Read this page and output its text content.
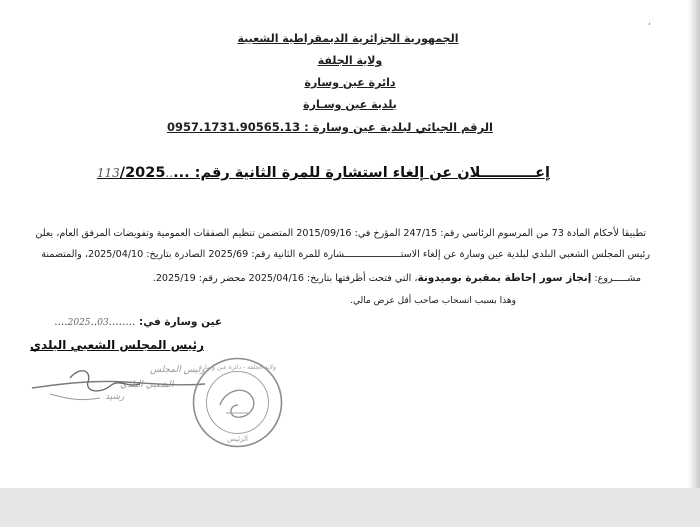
ʻ
الجمهورية الجزائرية الديمقراطية الشعبية
ولاية الجلفة
دائرة عين وسارة
بلدية عين وسـارة
الرقم الجبائي لبلدية عين وسارة : 0957.1731.90565.13
إعـــــــــــلان عن إلغاء استشارة للمرة الثانية رقم: .....113/2025
تطبيقا لأحكام المادة 73 من المرسوم الرئاسي رقم: 247/15 المؤرخ في: 2015/09/16 المتضمن تنظيم الصفقات العمومية وتفويضات المرفق العام، يعلن
رئيس المجلس الشعبي البلدي لبلدية عين وسارة عن إلغاء الاستــــــــــــــــــــشارة للمرة الثانية رقم: 2025/69 الصادرة بتاريخ: 2025/04/10، والمتضمنة
مشـــــروع: إنجاز سور إحاطة بمقبرة بوميدونة، التي فتحت أظرفتها بتاريخ: 2025/04/16 محضر رقم: 2025/19.
وهذا بسبب انسحاب صاحب أقل عرض مالي.
عين وسارة في: ........03..2025....
رئيس المجلس الشعبي البلدي
رئيس المجلس
الشعبي البلدي
رشيد
ولاية الجلفة - دائرة عين وسارة
الرئيس
